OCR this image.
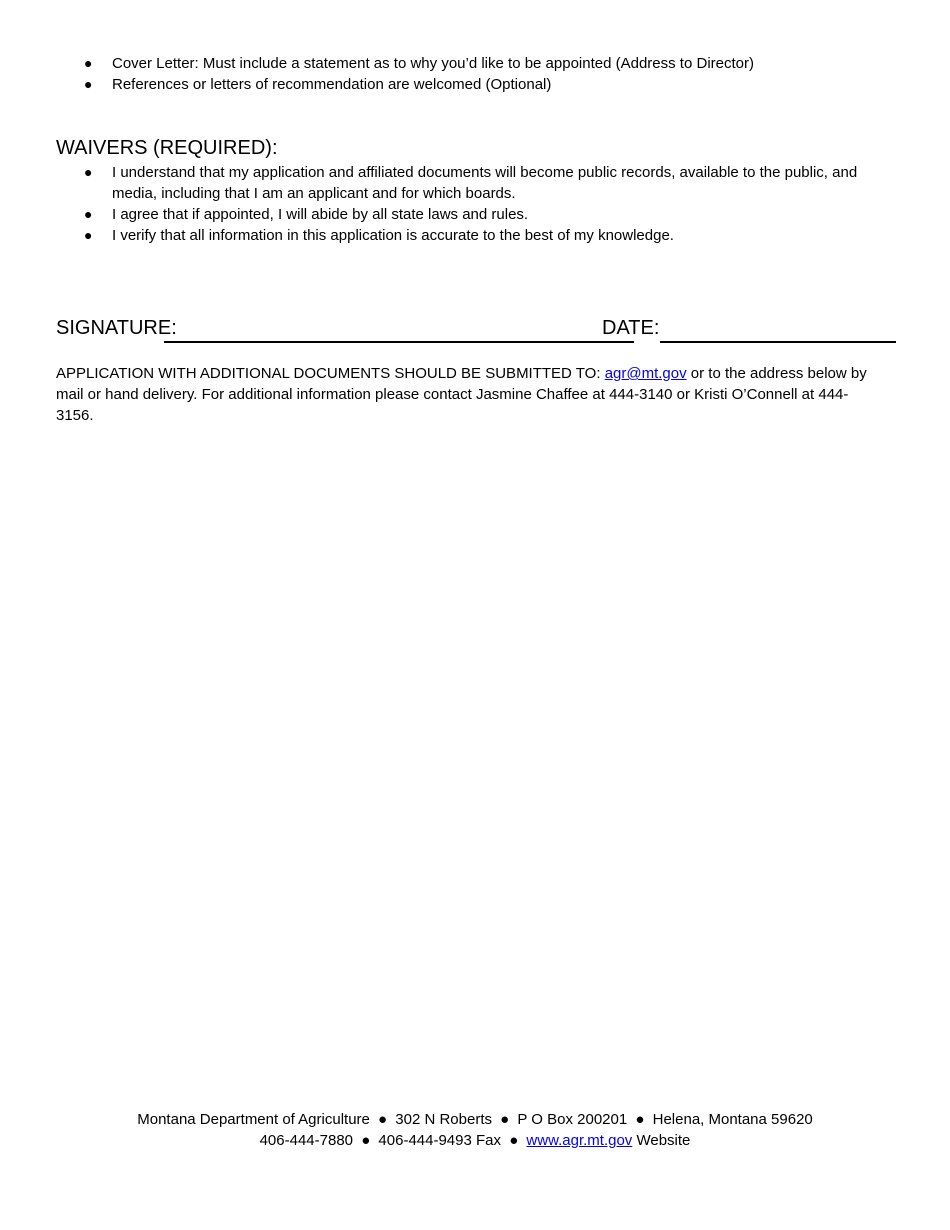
● Cover Letter: Must include a statement as to why you’d like to be appointed (Address to Director)
● References or letters of recommendation are welcomed (Optional)
WAIVERS (REQUIRED):
● I understand that my application and affiliated documents will become public records, available to the public, and media, including that I am an applicant and for which boards.
● I agree that if appointed, I will abide by all state laws and rules.
● I verify that all information in this application is accurate to the best of my knowledge.
SIGNATURE:	DATE:

APPLICATION WITH ADDITIONAL DOCUMENTS SHOULD BE SUBMITTED TO: agr@mt.gov or to the address below by mail or hand delivery. For additional information please contact Jasmine Chaffee at 444-3140 or Kristi O’Connell at 444-3156.

Montana Department of Agriculture ● 302 N Roberts ● P O Box 200201 ● Helena, Montana 59620
406-444-7880 ● 406-444-9493 Fax ● www.agr.mt.gov Website
